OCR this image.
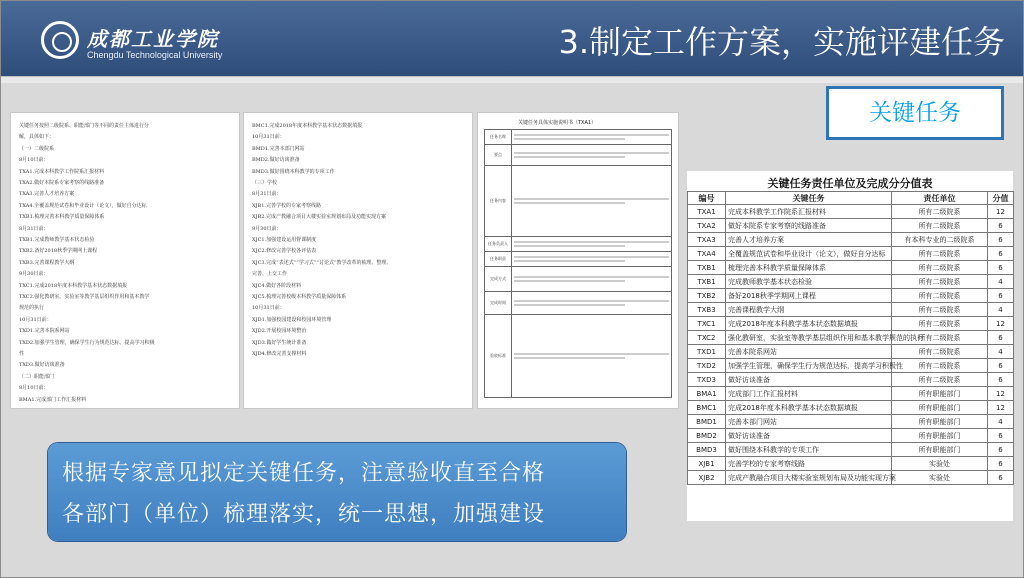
成都工业学院
Chengdu Technological University	3.制定工作方案，实施评建任务
关键任务
关键任务按照二级院系、职能部门等不同的责任主体进行分
解，具体如下：
（一）二级院系
8月10日前：
TXA1.完成本科教学工作院系汇报材料
TXA2.做好本院系专家考察的线路准备
TXA3.完善人才培养方案
TXA4.全覆盖规范试卷和毕业设计（论文），做好自分达标
TXB1.梳理完善本科教学质量保障体系
8月31日前：
TXB1.完成教师教学基本状态检验
TXB2.备好2018秋季学期网上课程
TXB3.完善课程教学大纲
9月30日前：
TXC1.完成2018年度本科教学基本状态数据填报
TXC2.强化教研室、实验室等教学基层组织作用和基本教学
规范的执行
10月31日前：
TXD1.完善本院系网站
TXD2.加强学生管理，确保学生行为规范达标，提高学习积极
性
TXD3.做好访谈准备
（二）职能部门
8月10日前：
BMA1.完成部门工作汇报材料
BMC1.完成2018年度本科教学基本状态数据填报
10月31日前：
BMD1.完善本部门网站
BMD2.做好访谈准备
BMD3.做好围绕本科教学的专项工作
（三）学校
8月31日前：
XJB1.完善学校的专家考察线路
XJB2.完成产教融合项目大楼实验室规划布局及功能实现方案
9月30日前：
XJC1.加强建设运用督课制度
XJC2.修改完善学校各评估表
XJC3.完成“表述式”“学习式”“讨论式”教学改革的梳理、整理、
完善、上交工作
XJC4.做好各阶段材料
XJC5.梳理完善校级本科教学质量保障体系
10月31日前：
XJD1.加强校园建设和校园环境管理
XJD2.开展校园环境整治
XJD3.做好学生统计准备
XJD4.修改完善支撑材料
关键任务具体实施说明书（TXA1）
任务名称	

要点	

任务内容	

任务负责人	

任务职责	

完成方式	

完成时间	

验收标准	
关键任务责任单位及完成分分值表
编号	关键任务	责任单位	分值
TXA1	完成本科教学工作院系汇报材料	所有二级院系	12
TXA2	做好本院系专家考察的线路准备	所有二级院系	6
TXA3	完善人才培养方案	有本科专业的二级院系	6
TXA4	全覆盖规范试卷和毕业设计（论文），做好自分达标	所有二级院系	6
TXB1	梳理完善本科教学质量保障体系	所有二级院系	6
TXB1	完成教师教学基本状态检验	所有二级院系	4
TXB2	备好2018秋季学期网上课程	所有二级院系	6
TXB3	完善课程教学大纲	所有二级院系	4
TXC1	完成2018年度本科教学基本状态数据填报	所有二级院系	12
TXC2	强化教研室，实验室等教学基层组织作用和基本教学规范的执行	所有二级院系	6
TXD1	完善本院系网站	所有二级院系	4
TXD2	加强学生管理，确保学生行为规范达标，提高学习积极性	所有二级院系	6
TXD3	做好访谈准备	所有二级院系	6
BMA1	完成部门工作汇报材料	所有职能部门	12
BMC1	完成2018年度本科教学基本状态数据填报	所有职能部门	12
BMD1	完善本部门网站	所有职能部门	4
BMD2	做好访谈准备	所有职能部门	6
BMD3	做好围绕本科教学的专项工作	所有职能部门	6
XJB1	完善学校的专家考察线路	实验处	6
XJB2	完成产教融合项目大楼实验室规划布局及功能实现方案	实验处	6
根据专家意见拟定关键任务，注意验收直至合格
各部门（单位）梳理落实，统一思想，加强建设
